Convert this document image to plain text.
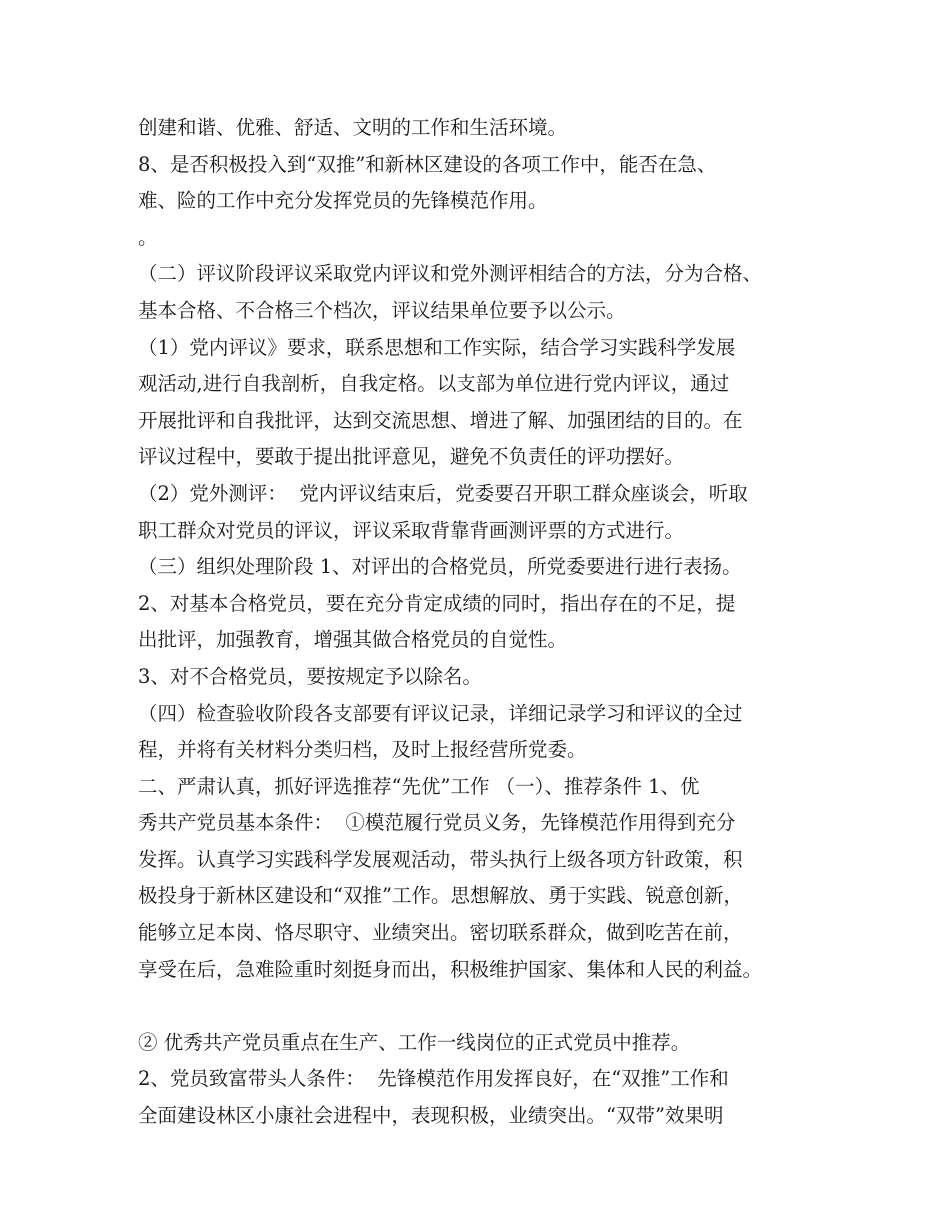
创建和谐、优雅、舒适、文明的工作和生活环境。
8、是否积极投入到“双推”和新林区建设的各项工作中，能否在急、
难、险的工作中充分发挥党员的先锋模范作用。
。
（二）评议阶段评议采取党内评议和党外测评相结合的方法，分为合格、
基本合格、不合格三个档次，评议结果单位要予以公示。
（1）党内评议》要求，联系思想和工作实际，结合学习实践科学发展
观活动,进行自我剖析，自我定格。以支部为单位进行党内评议，通过
开展批评和自我批评，达到交流思想、增进了解、加强团结的目的。在
评议过程中，要敢于提出批评意见，避免不负责任的评功摆好。
（2）党外测评：  党内评议结束后，党委要召开职工群众座谈会，听取
职工群众对党员的评议，评议采取背靠背画测评票的方式进行。
（三）组织处理阶段 1、对评出的合格党员，所党委要进行进行表扬。
2、对基本合格党员，要在充分肯定成绩的同时，指出存在的不足，提
出批评，加强教育，增强其做合格党员的自觉性。
3、对不合格党员，要按规定予以除名。
（四）检查验收阶段各支部要有评议记录，详细记录学习和评议的全过
程，并将有关材料分类归档，及时上报经营所党委。
二、严肃认真，抓好评选推荐“先优”工作 （一）、推荐条件 1、优
秀共产党员基本条件：  ①模范履行党员义务，先锋模范作用得到充分
发挥。认真学习实践科学发展观活动，带头执行上级各项方针政策，积
极投身于新林区建设和“双推”工作。思想解放、勇于实践、锐意创新，
能够立足本岗、恪尽职守、业绩突出。密切联系群众，做到吃苦在前，
享受在后，急难险重时刻挺身而出，积极维护国家、集体和人民的利益。
② 优秀共产党员重点在生产、工作一线岗位的正式党员中推荐。
2、党员致富带头人条件：  先锋模范作用发挥良好，在“双推”工作和
全面建设林区小康社会进程中，表现积极，业绩突出。“双带”效果明
